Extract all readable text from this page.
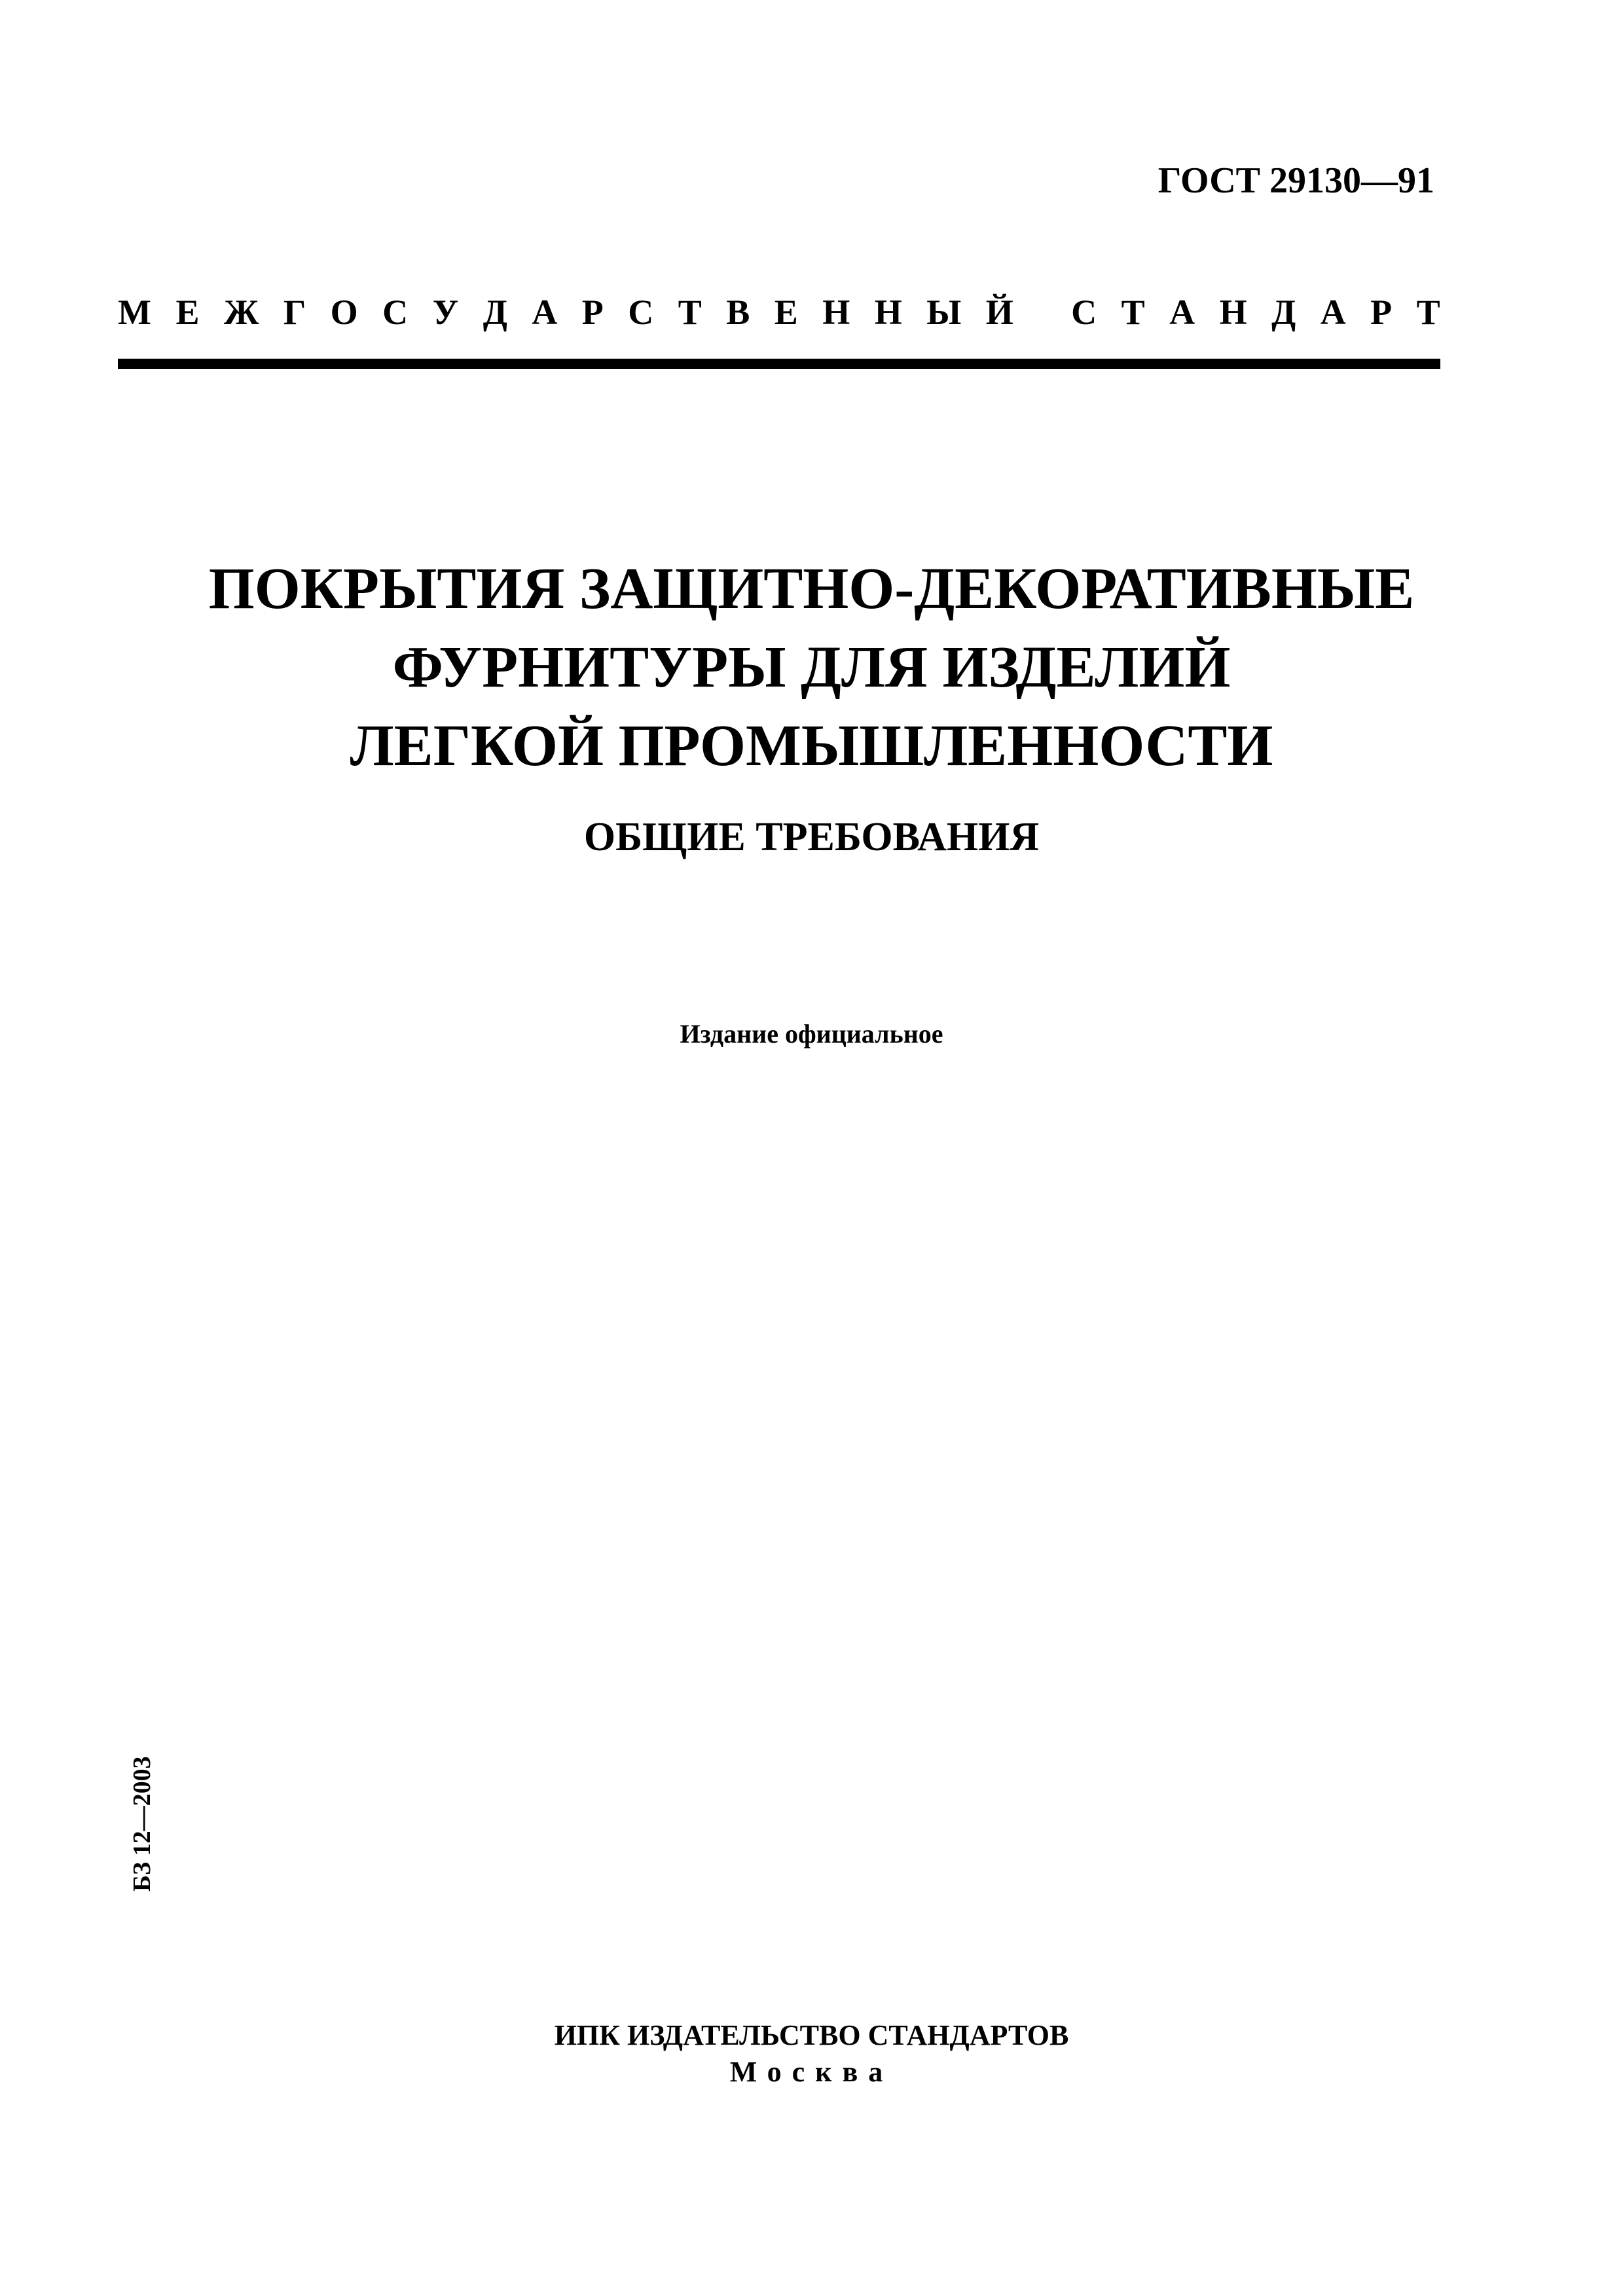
ГОСТ 29130—91
М Е Ж Г О С У Д А Р С Т В Е Н Н Ы Й
С Т А Н Д А Р Т
ПОКРЫТИЯ ЗАЩИТНО-ДЕКОРАТИВНЫЕ
ФУРНИТУРЫ ДЛЯ ИЗДЕЛИЙ
ЛЕГКОЙ ПРОМЫШЛЕННОСТИ
ОБЩИЕ ТРЕБОВАНИЯ
Издание официальное
БЗ 12—2003
ИПК ИЗДАТЕЛЬСТВО СТАНДАРТОВ
Москва
